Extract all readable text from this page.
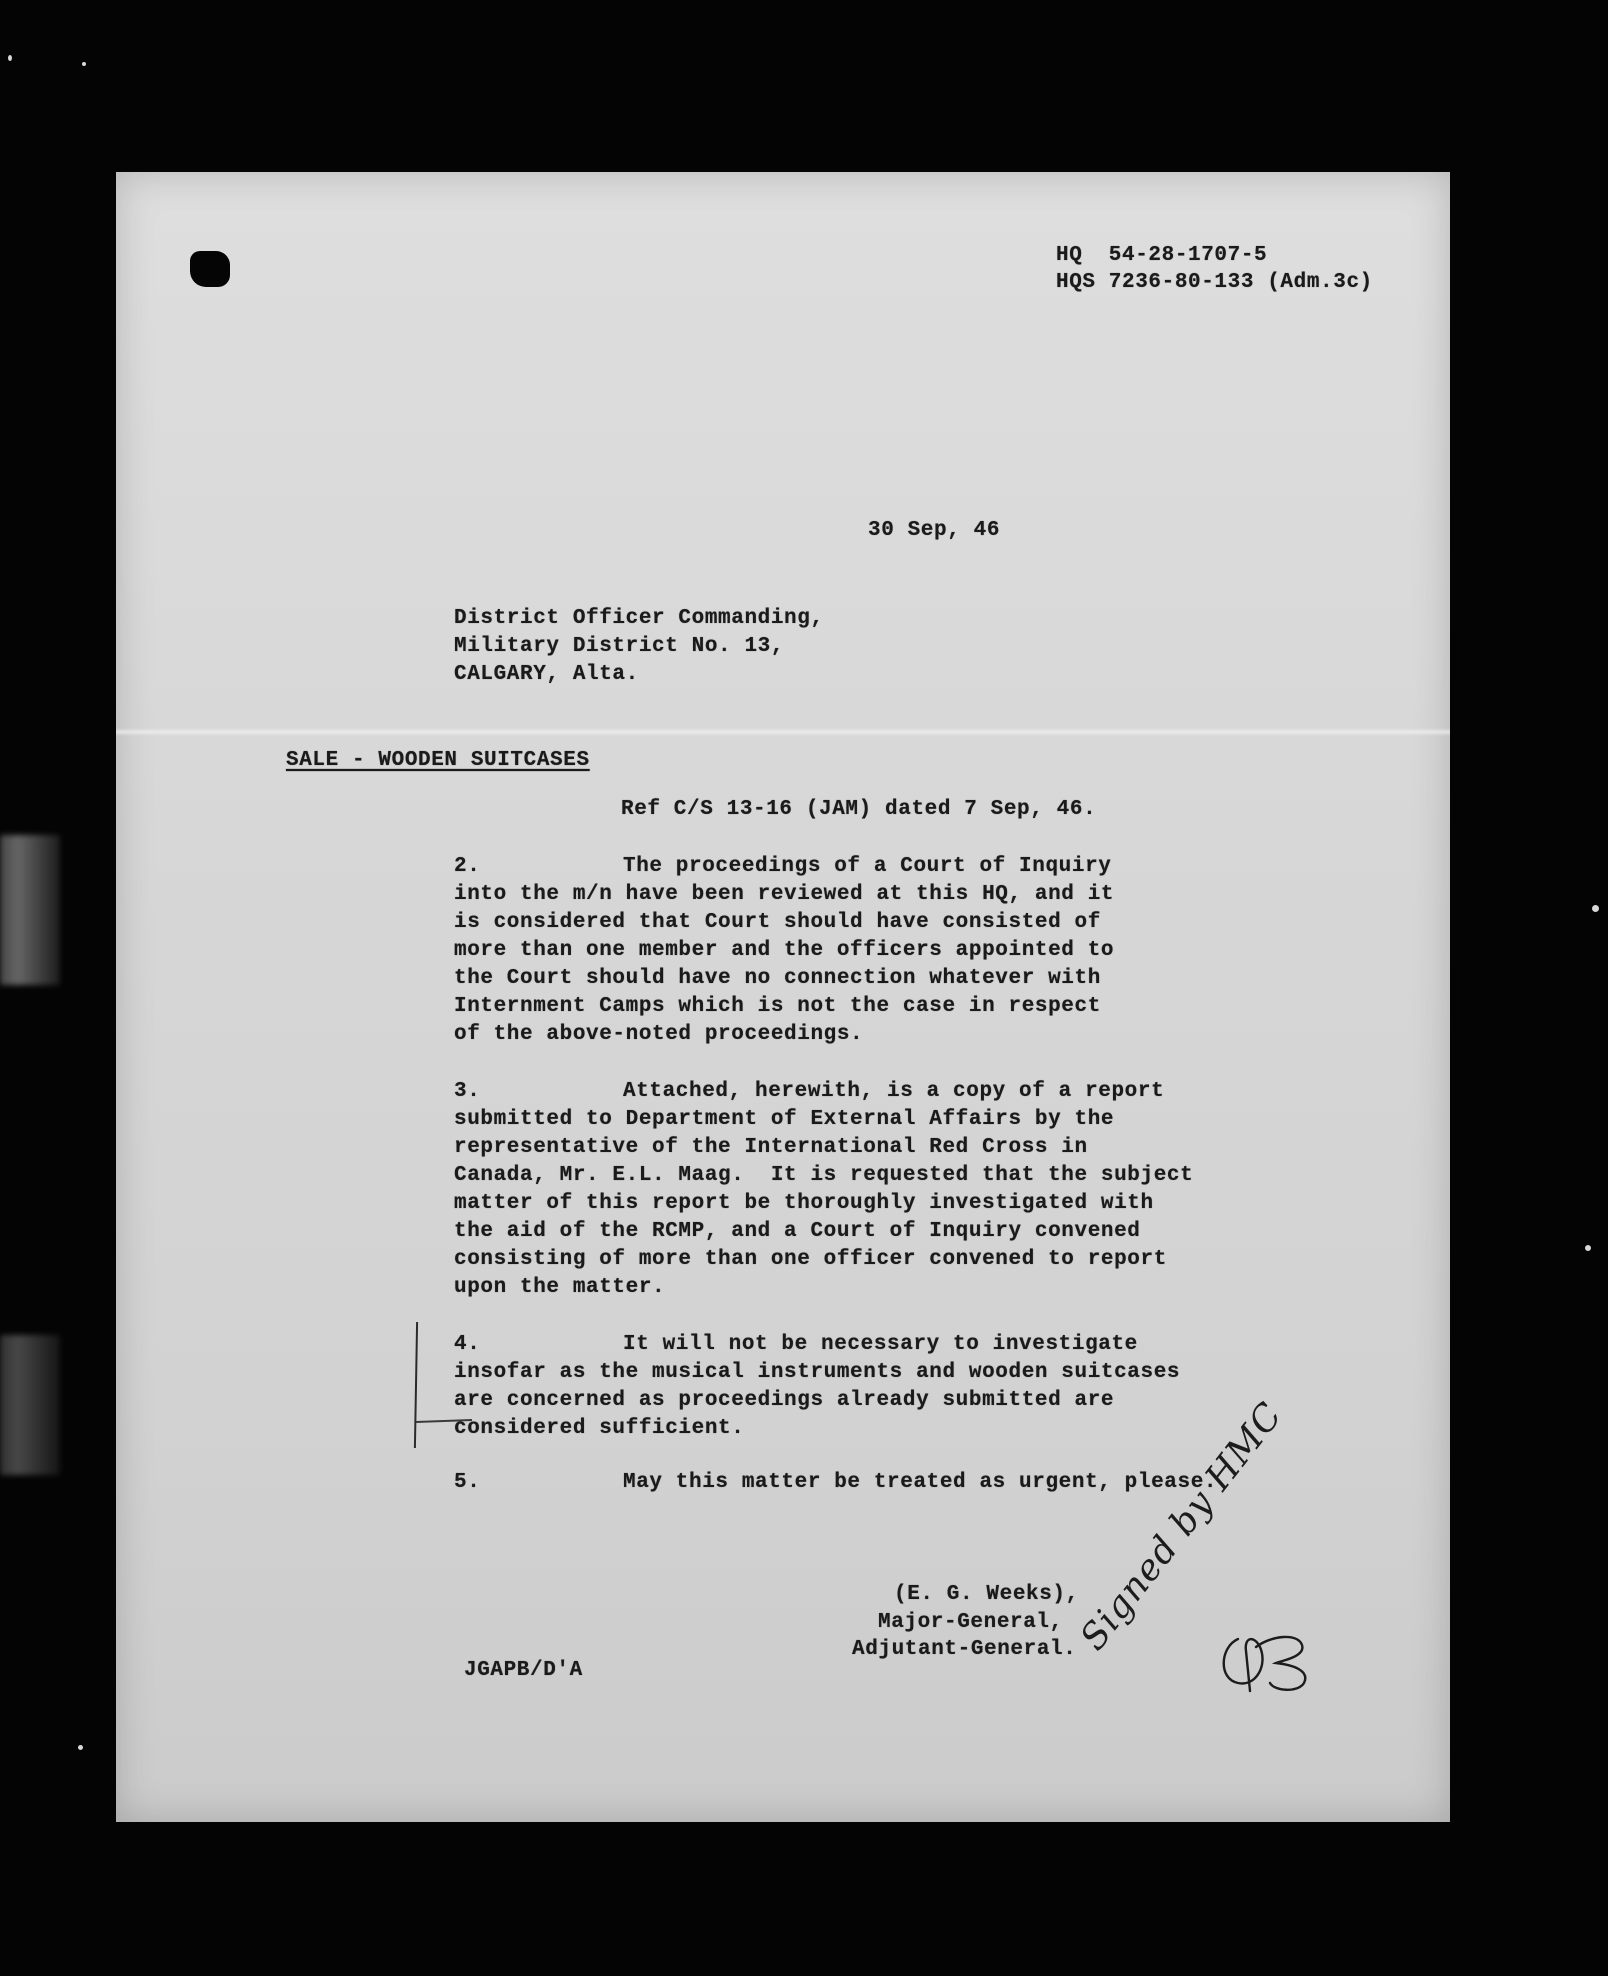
HQ  54-28-1707-5
HQS 7236-80-133 (Adm.3c)
30 Sep, 46
District Officer Commanding,
Military District No. 13,
CALGARY, Alta.
SALE - WOODEN SUITCASES
Ref C/S 13-16 (JAM) dated 7 Sep, 46.
2.	The proceedings of a Court of Inquiry
into the m/n have been reviewed at this HQ, and it
is considered that Court should have consisted of
more than one member and the officers appointed to
the Court should have no connection whatever with
Internment Camps which is not the case in respect
of the above-noted proceedings.
3.	Attached, herewith, is a copy of a report
submitted to Department of External Affairs by the
representative of the International Red Cross in
Canada, Mr. E.L. Maag.  It is requested that the subject
matter of this report be thoroughly investigated with
the aid of the RCMP, and a Court of Inquiry convened
consisting of more than one officer convened to report
upon the matter.
4.	It will not be necessary to investigate
insofar as the musical instruments and wooden suitcases
are concerned as proceedings already submitted are
considered sufficient.
5.	May this matter be treated as urgent, please.
(E. G. Weeks),
Major-General,
Adjutant-General.
JGAPB/D'A
Signed by HMC
